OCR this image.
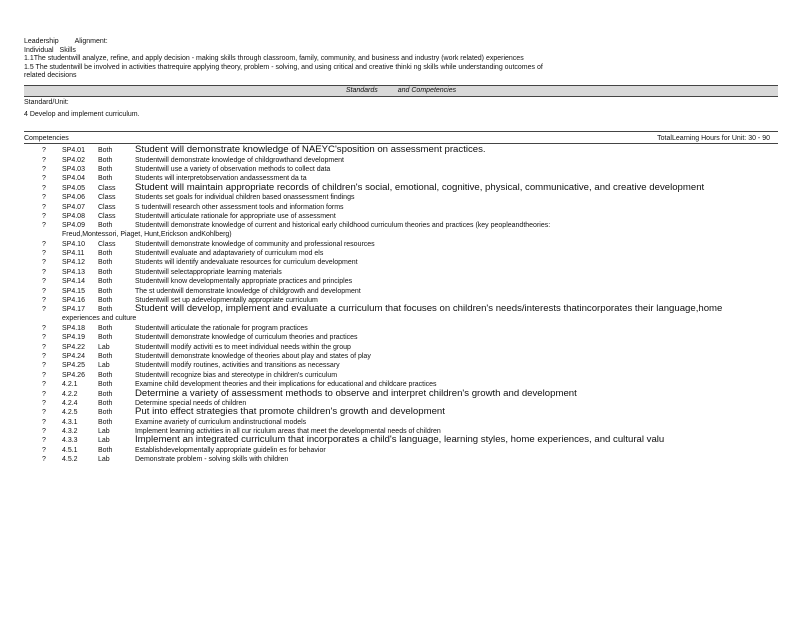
Leadership Alignment:
Individual Skills
1.1The studentwill analyze, refine, and apply decision - making skills through classroom, family, community, and business and industry (work related) experiences
1.5 The studentwill be involved in activities thatrequire applying theory, problem - solving, and using critical and creative thinki ng skills while understanding outcomes of
related decisions
Standards	and Competencies
Standard/Unit:
4 Develop and implement curriculum.
Competencies	TotalLearning Hours for Unit: 30 - 90
? SP4.01 Both Student will demonstrate knowledge of NAEYC'sposition on assessment practices.
? SP4.02 Both	Studentwill demonstrate knowledge of childgrowthand development
? SP4.03 Both	Studentwill use a variety of observation methods to collect data
? SP4.04 Both	Students will interpretobservation andassessment da ta
? SP4.05 Class Student will maintain appropriate records of children's social, emotional, cognitive, physical, communicative, and creative development
? SP4.06 Class	Students set goals for individual children based onassessment findings
? SP4.07 Class	S tudentwill research other assessment tools and information forms
? SP4.08 Class	Studentwill articulate rationale for appropriate use of assessment
? SP4.09 Both	Studentwill demonstrate knowledge of current and historical early childhood curriculum theories and practices (key peopleandtheories:
Freud,Montessori, Piaget, Hunt,Erickson andKohlberg)
? SP4.10 Class	Studentwill demonstrate knowledge of community and professional resources
? SP4.11 Both	Studentwill evaluate and adaptavariety of curriculum mod els
? SP4.12 Both	Students will identify andevaluate resources for curriculum development
? SP4.13 Both	Studentwill selectappropriate learning materials
? SP4.14 Both	Studentwill know developmentally appropriate practices and principles
? SP4.15 Both	The st udentwill demonstrate knowledge of childgrowth and development
? SP4.16 Both	Studentwill set up adevelopmentally appropriate curriculum
? SP4.17 Both Student will develop, implement and evaluate a curriculum that focuses on children's needs/interests thatincorporates their language,home
experiences and culture
? SP4.18 Both	Studentwill articulate the rationale for program practices
? SP4.19 Both	Studentwill demonstrate knowledge of curriculum theories and practices
? SP4.22 Lab	Studentwill modify activiti es to meet individual needs within the group
? SP4.24 Both	Studentwill demonstrate knowledge of theories about play and states of play
? SP4.25 Lab	Studentwill modify routines, activities and transitions as necessary
? SP4.26 Both	Studentwill recognize bias and stereotype in children's curriculum
? 4.2.1	Both	Examine child development theories and their implications for educational and childcare practices
? 4.2.2	Both Determine a variety of assessment methods to observe and interpret children's growth and development
? 4.2.4	Both	Determine special needs of children
? 4.2.5	Both Put into effect strategies that promote children's growth and development
? 4.3.1	Both	Examine avariety of curriculum andinstructional models
? 4.3.2	Lab	Implement learning activities in all cur riculum areas that meet the developmental needs of children
? 4.3.3	Lab	Implement an integrated curriculum that incorporates a child's language, learning styles, home experiences, and cultural valu
? 4.5.1	Both	Establishdevelopmentally appropriate guidelin es for behavior
? 4.5.2	Lab	Demonstrate problem - solving skills with children
